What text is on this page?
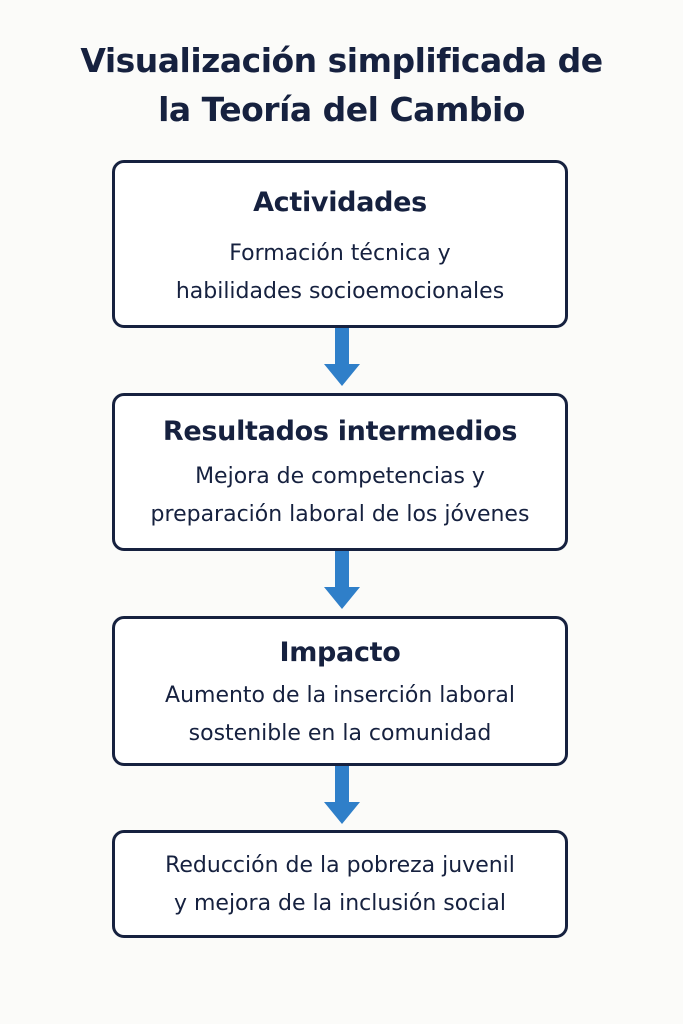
Visualización simplificada de
la Teoría del Cambio
Actividades
Formación técnica y
habilidades socioemocionales
Resultados intermedios
Mejora de competencias y
preparación laboral de los jóvenes
Impacto
Aumento de la inserción laboral
sostenible en la comunidad
Reducción de la pobreza juvenil
y mejora de la inclusión social
